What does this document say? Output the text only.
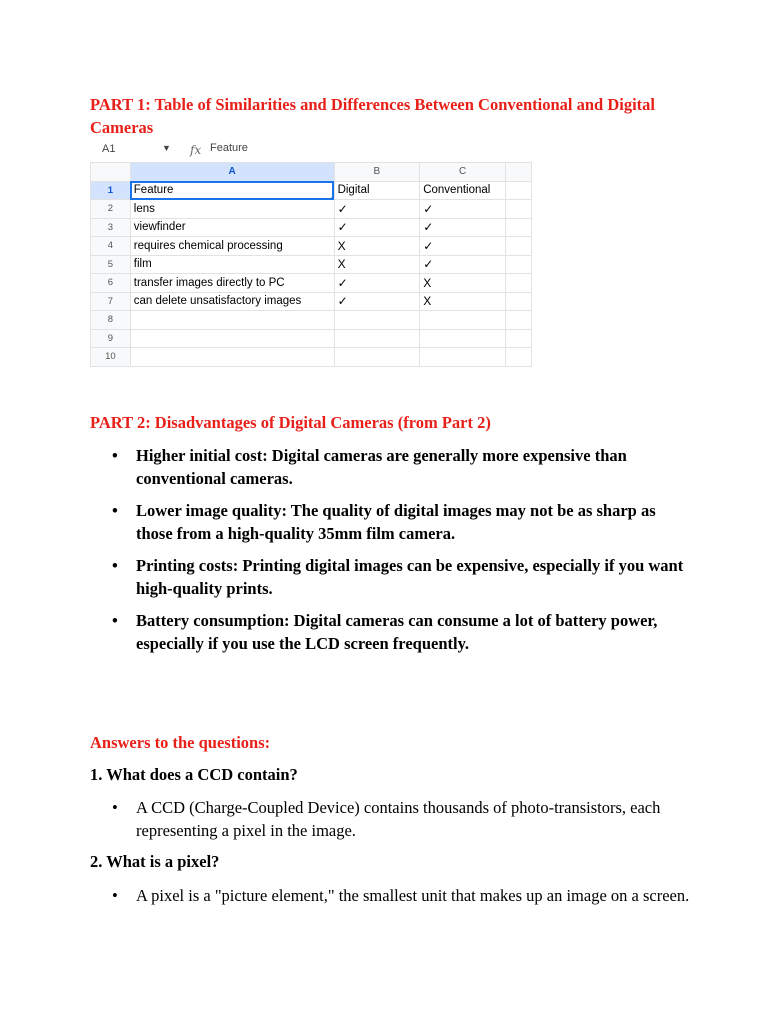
PART 1: Table of Similarities and Differences Between Conventional and Digital Cameras
A1	▼ fx Feature
	A	B	C	
1	Feature	Digital	Conventional	
2	lens	✓	✓	
3	viewfinder	✓	✓	
4	requires chemical processing	X	✓	
5	film	X	✓	
6	transfer images directly to PC	✓	X	
7	can delete unsatisfactory images	✓	X	
8				
9				
10				
PART 2: Disadvantages of Digital Cameras (from Part 2)
• Higher initial cost: Digital cameras are generally more expensive than conventional cameras.
• Lower image quality: The quality of digital images may not be as sharp as those from a high-quality 35mm film camera.
• Printing costs: Printing digital images can be expensive, especially if you want high-quality prints.
• Battery consumption: Digital cameras can consume a lot of battery power, especially if you use the LCD screen frequently.
Answers to the questions:
1. What does a CCD contain?
• A CCD (Charge-Coupled Device) contains thousands of photo-transistors, each representing a pixel in the image.
2. What is a pixel?
• A pixel is a "picture element," the smallest unit that makes up an image on a screen.
